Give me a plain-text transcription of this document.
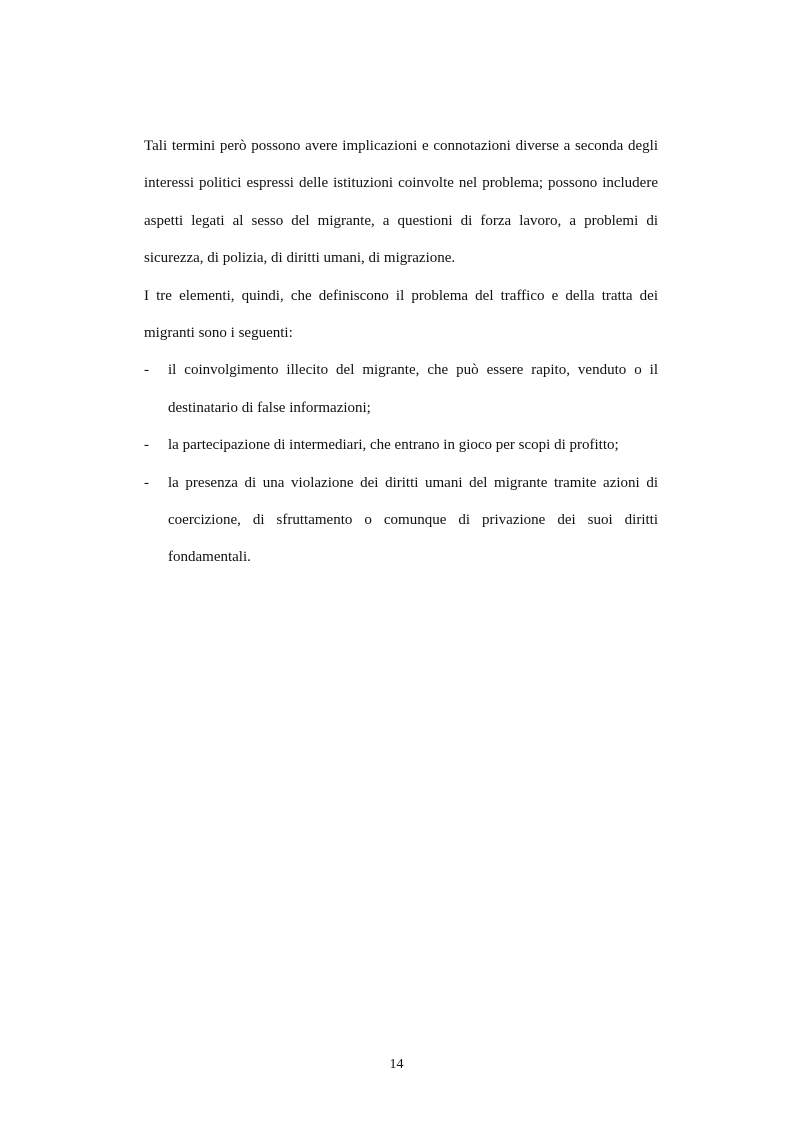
Tali termini però possono avere implicazioni e connotazioni diverse a seconda degli interessi politici espressi delle istituzioni coinvolte nel problema; possono includere aspetti legati al sesso del migrante, a questioni di forza lavoro, a problemi di sicurezza, di polizia, di diritti umani, di migrazione.

I tre elementi, quindi, che definiscono il problema del traffico e della tratta dei migranti sono i seguenti:

- il coinvolgimento illecito del migrante, che può essere rapito, venduto o il destinatario di false informazioni;
- la partecipazione di intermediari, che entrano in gioco per scopi di profitto;
- la presenza di una violazione dei diritti umani del migrante tramite azioni di coercizione, di sfruttamento o comunque di privazione dei suoi diritti fondamentali.
14
